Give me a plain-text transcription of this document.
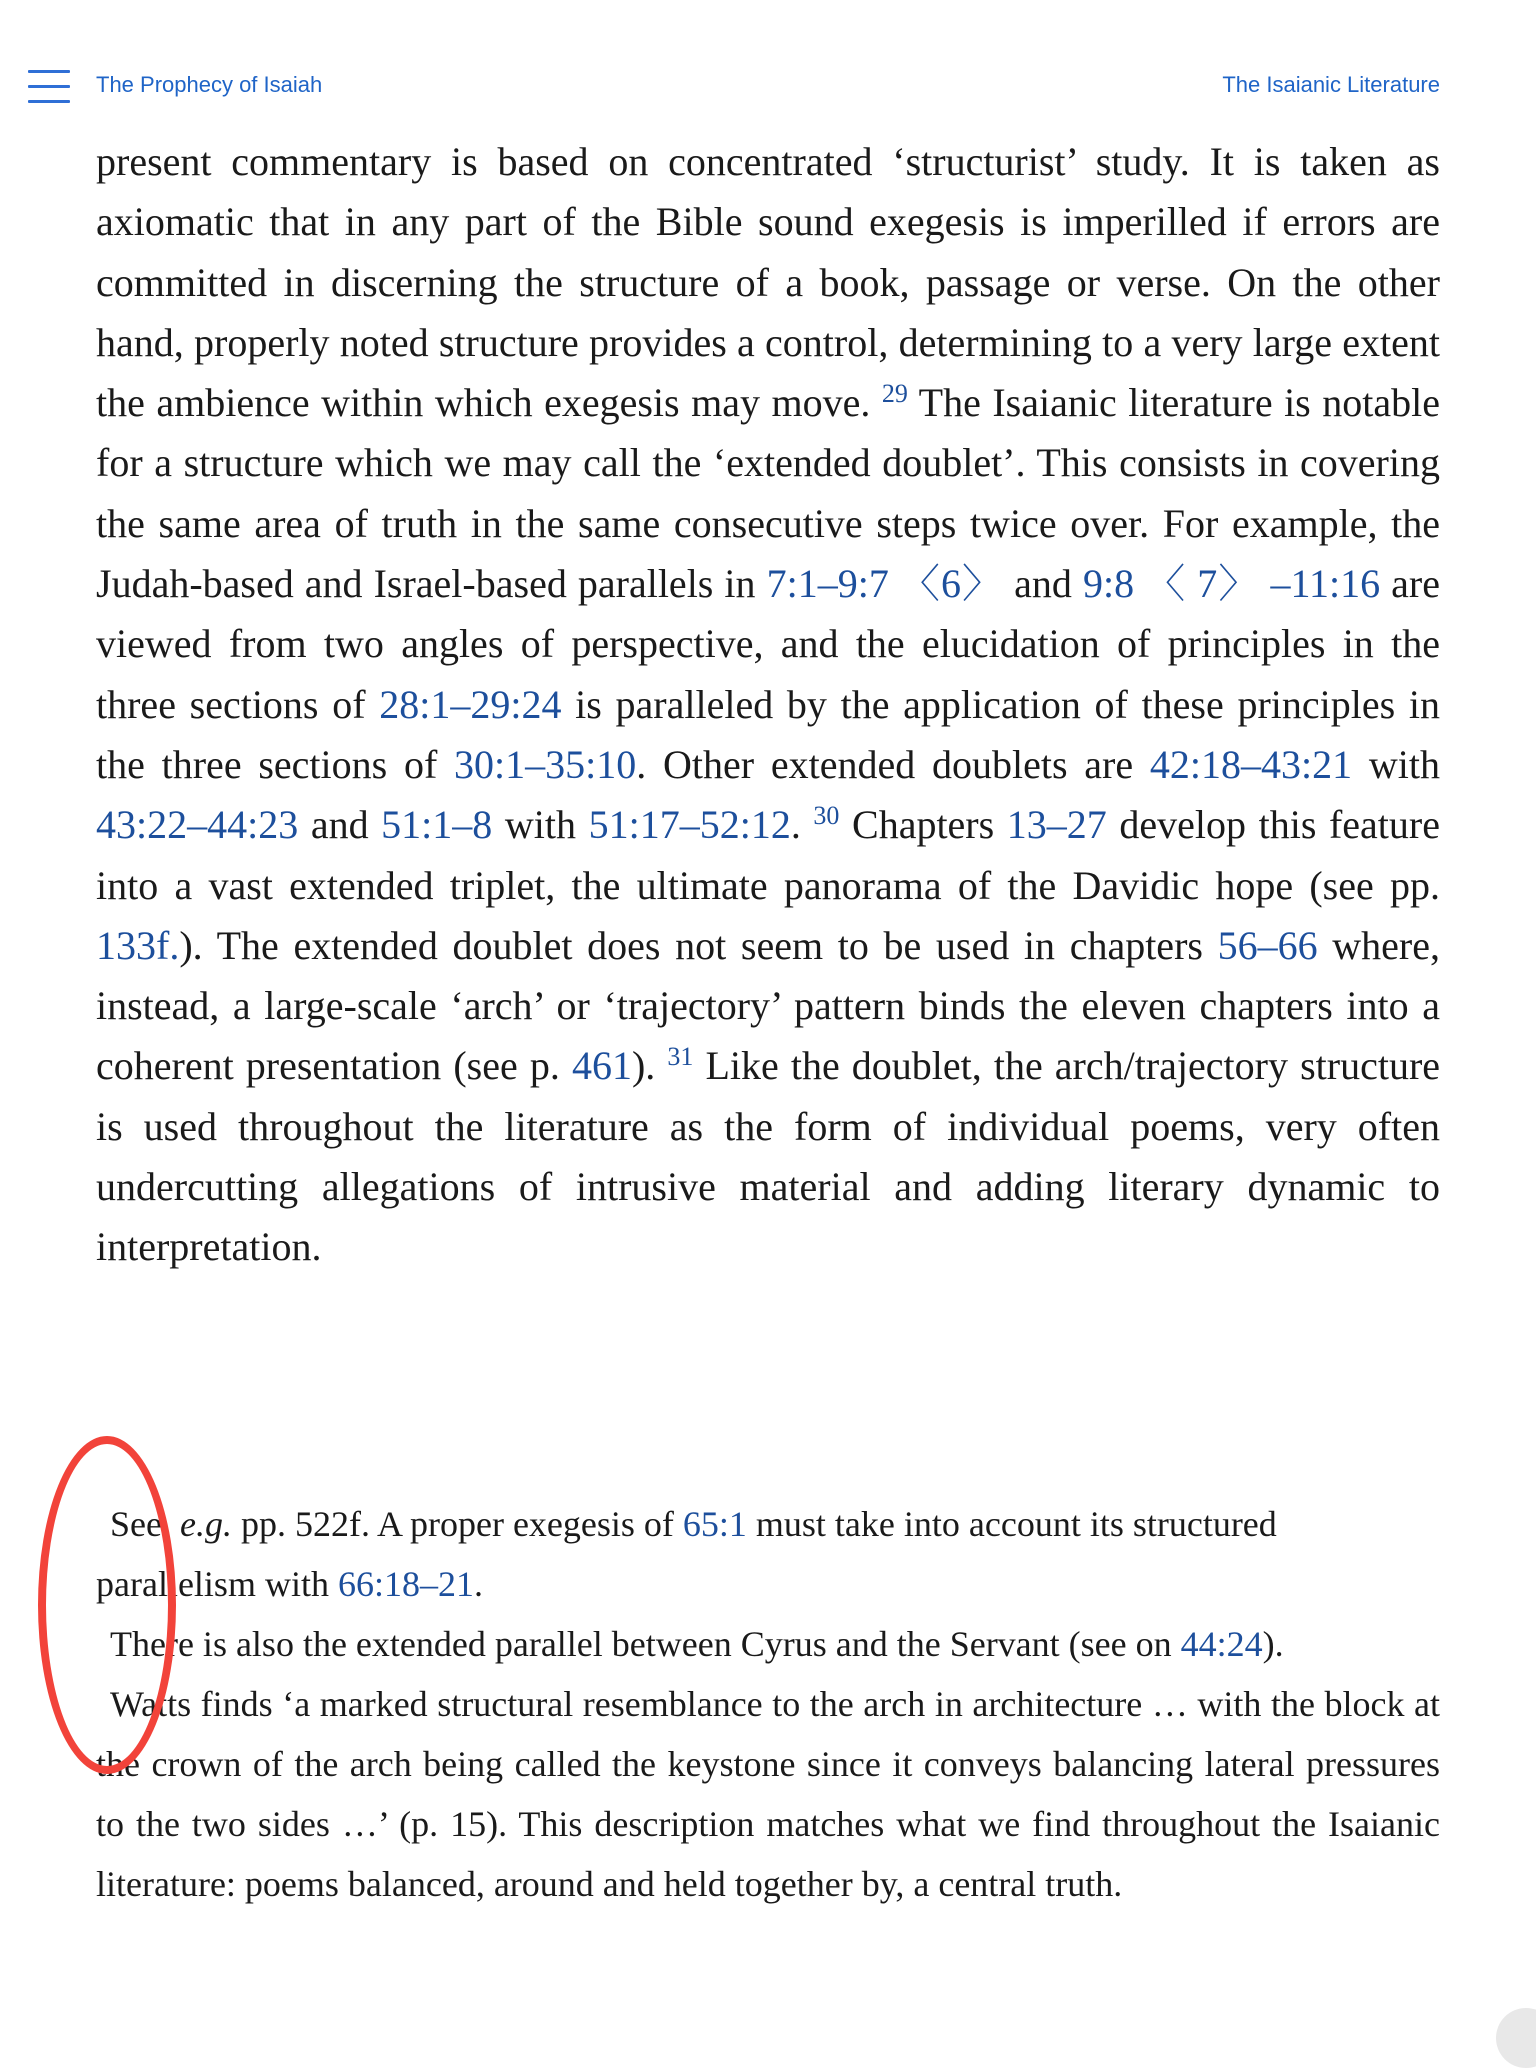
The Prophecy of Isaiah	The Isaianic Literature

present commentary is based on concentrated ‘structurist’ study. It is taken as axiomatic that in any part of the Bible sound exegesis is imperilled if errors are committed in discerning the structure of a book, passage or verse. On the other hand, properly noted structure provides a control, determining to a very large extent the ambience within which exegesis may move. $^{29}$ The Isaianic literature is notable for a structure which we may call the ‘extended doublet’. This consists in covering the same area of truth in the same consecutive steps twice over. For example, the Judah-based and Israel-based parallels in 7:1–9:7 〈6〉 and 9:8 〈 7〉 –11:16 are viewed from two angles of perspective, and the elucidation of principles in the three sections of 28:1–29:24 is paralleled by the application of these principles in the three sections of 30:1–35:10. Other extended doublets are 42:18–43:21 with 43:22–44:23 and 51:1–8 with 51:17–52:12. $^{30}$ Chapters 13–27 develop this feature into a vast extended triplet, the ultimate panorama of the Davidic hope (see pp. 133f.). The extended doublet does not seem to be used in chapters 56–66 where, instead, a large-scale ‘arch’ or ‘trajectory’ pattern binds the eleven chapters into a coherent presentation (see p. 461). $^{31}$ Like the doublet, the arch/trajectory structure is used throughout the literature as the form of individual poems, very often undercutting allegations of intrusive material and adding literary dynamic to interpretation.

See, e.g. pp. 522f. A proper exegesis of 65:1 must take into account its structured parallelism with 66:18–21.

There is also the extended parallel between Cyrus and the Servant (see on 44:24).

Watts finds ‘a marked structural resemblance to the arch in architecture … with the block at the crown of the arch being called the keystone since it conveys balancing lateral pressures to the two sides …’ (p. 15). This description matches what we find throughout the Isaianic literature: poems balanced, around and held together by, a central truth.
